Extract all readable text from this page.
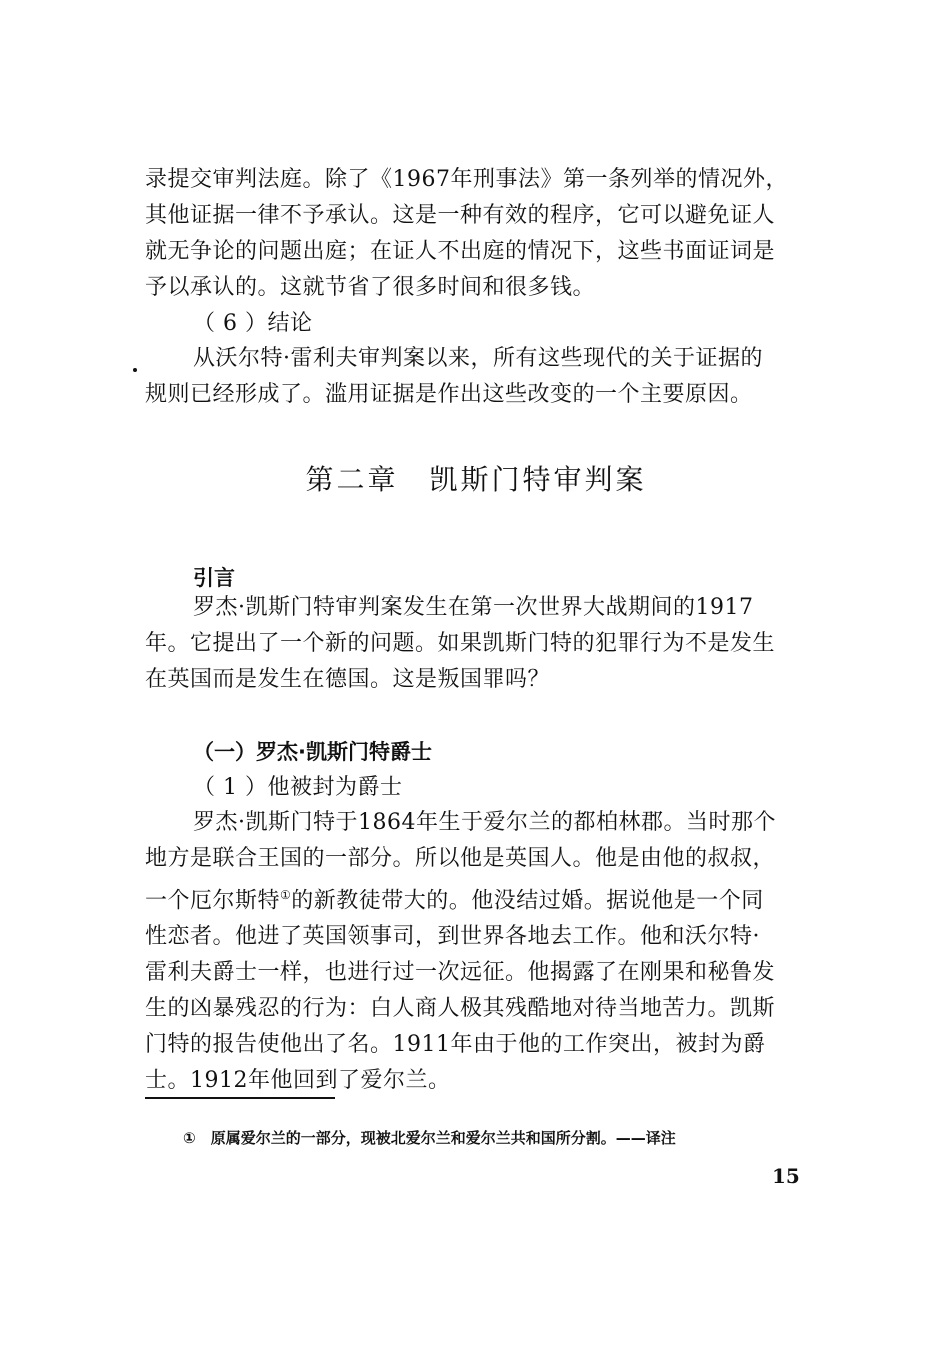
录提交审判法庭。除了《1967年刑事法》第一条列举的情况外，
其他证据一律不予承认。这是一种有效的程序，它可以避免证人
就无争论的问题出庭；在证人不出庭的情况下，这些书面证词是
予以承认的。这就节省了很多时间和很多钱。
（ 6 ）结论
从沃尔特·雷利夫审判案以来，所有这些现代的关于证据的
规则已经形成了。滥用证据是作出这些改变的一个主要原因。
第二章　凯斯门特审判案
引言
罗杰·凯斯门特审判案发生在第一次世界大战期间的1917
年。它提出了一个新的问题。如果凯斯门特的犯罪行为不是发生
在英国而是发生在德国。这是叛国罪吗？
（一）罗杰·凯斯门特爵士
（ 1 ）他被封为爵士
罗杰·凯斯门特于1864年生于爱尔兰的都柏林郡。当时那个
地方是联合王国的一部分。所以他是英国人。他是由他的叔叔，
一个厄尔斯特①的新教徒带大的。他没结过婚。据说他是一个同
性恋者。他进了英国领事司，到世界各地去工作。他和沃尔特·
雷利夫爵士一样，也进行过一次远征。他揭露了在刚果和秘鲁发
生的凶暴残忍的行为：白人商人极其残酷地对待当地苦力。凯斯
门特的报告使他出了名。1911年由于他的工作突出，被封为爵
士。1912年他回到了爱尔兰。
①　原属爱尔兰的一部分，现被北爱尔兰和爱尔兰共和国所分割。——译注
15
